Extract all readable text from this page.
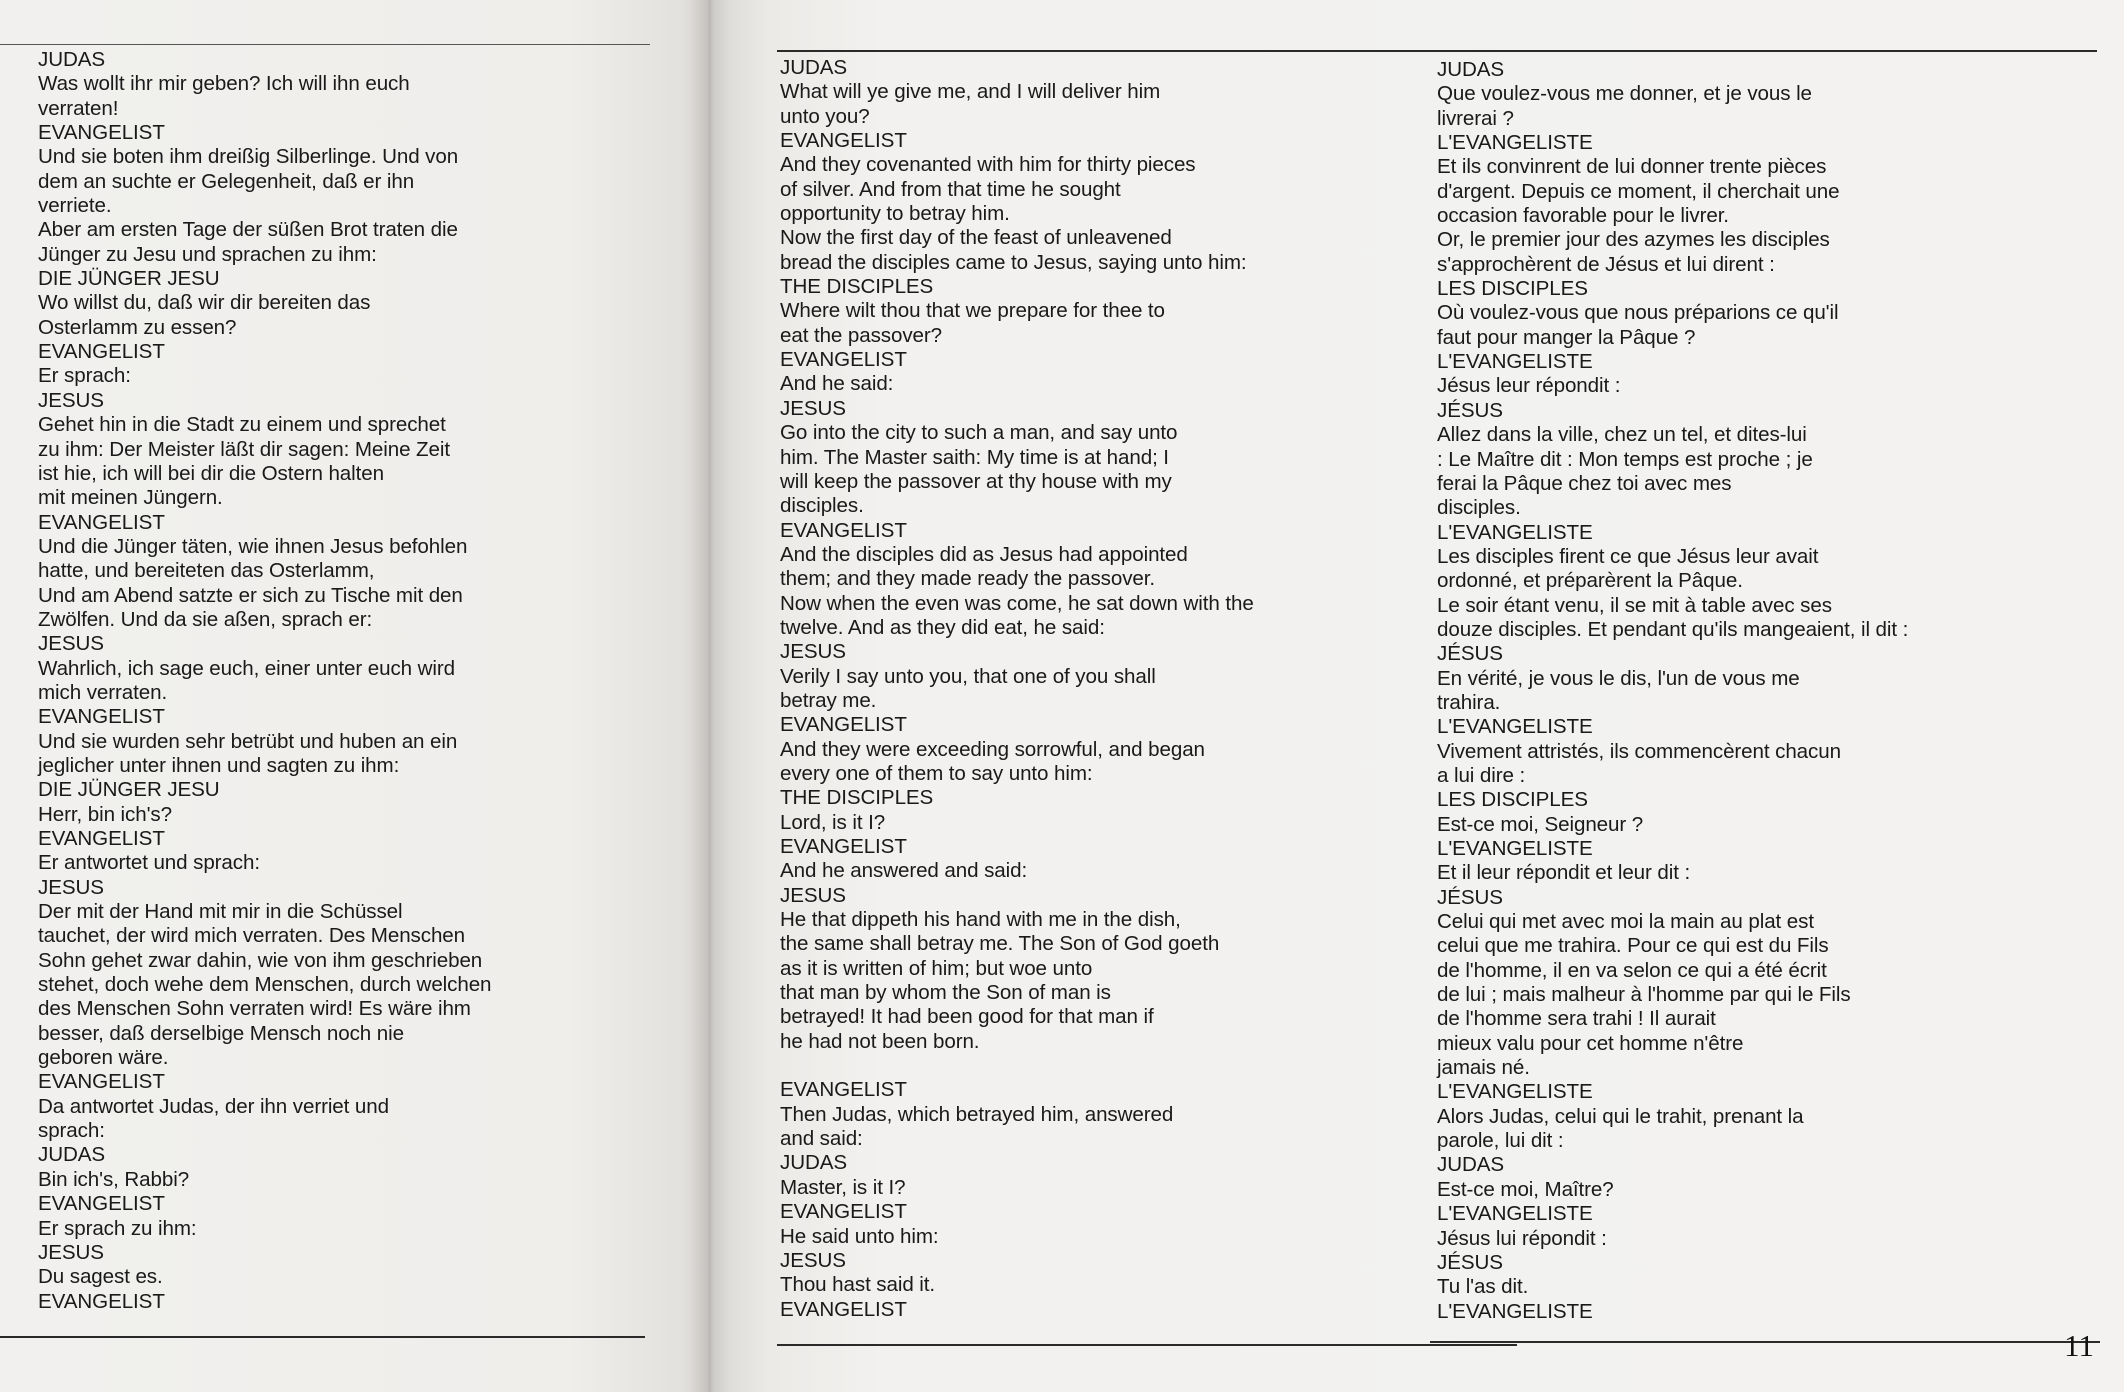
JUDAS
Was wollt ihr mir geben? Ich will ihn euch
verraten!
EVANGELIST
Und sie boten ihm dreißig Silberlinge. Und von
dem an suchte er Gelegenheit, daß er ihn
verriete.
Aber am ersten Tage der süßen Brot traten die
Jünger zu Jesu und sprachen zu ihm:
DIE JÜNGER JESU
Wo willst du, daß wir dir bereiten das
Osterlamm zu essen?
EVANGELIST
Er sprach:
JESUS
Gehet hin in die Stadt zu einem und sprechet
zu ihm: Der Meister läßt dir sagen: Meine Zeit
ist hie, ich will bei dir die Ostern halten
mit meinen Jüngern.
EVANGELIST
Und die Jünger täten, wie ihnen Jesus befohlen
hatte, und bereiteten das Osterlamm,
Und am Abend satzte er sich zu Tische mit den
Zwölfen. Und da sie aßen, sprach er:
JESUS
Wahrlich, ich sage euch, einer unter euch wird
mich verraten.
EVANGELIST
Und sie wurden sehr betrübt und huben an ein
jeglicher unter ihnen und sagten zu ihm:
DIE JÜNGER JESU
Herr, bin ich's?
EVANGELIST
Er antwortet und sprach:
JESUS
Der mit der Hand mit mir in die Schüssel
tauchet, der wird mich verraten. Des Menschen
Sohn gehet zwar dahin, wie von ihm geschrieben
stehet, doch wehe dem Menschen, durch welchen
des Menschen Sohn verraten wird! Es wäre ihm
besser, daß derselbige Mensch noch nie
geboren wäre.
EVANGELIST
Da antwortet Judas, der ihn verriet und
sprach:
JUDAS
Bin ich's, Rabbi?
EVANGELIST
Er sprach zu ihm:
JESUS
Du sagest es.
EVANGELIST
11
JUDAS
What will ye give me, and I will deliver him
unto you?
EVANGELIST
And they covenanted with him for thirty pieces
of silver. And from that time he sought
opportunity to betray him.
Now the first day of the feast of unleavened
bread the disciples came to Jesus, saying unto him:
THE DISCIPLES
Where wilt thou that we prepare for thee to
eat the passover?
EVANGELIST
And he said:
JESUS
Go into the city to such a man, and say unto
him. The Master saith: My time is at hand; I
will keep the passover at thy house with my
disciples.
EVANGELIST
And the disciples did as Jesus had appointed
them; and they made ready the passover.
Now when the even was come, he sat down with the
twelve. And as they did eat, he said:
JESUS
Verily I say unto you, that one of you shall
betray me.
EVANGELIST
And they were exceeding sorrowful, and began
every one of them to say unto him:
THE DISCIPLES
Lord, is it I?
EVANGELIST
And he answered and said:
JESUS
He that dippeth his hand with me in the dish,
the same shall betray me. The Son of God goeth
as it is written of him; but woe unto
that man by whom the Son of man is
betrayed! It had been good for that man if
he had not been born.
EVANGELIST
Then Judas, which betrayed him, answered
and said:
JUDAS
Master, is it I?
EVANGELIST
He said unto him:
JESUS
Thou hast said it.
EVANGELIST
JUDAS
Que voulez-vous me donner, et je vous le
livrerai ?
L'EVANGELISTE
Et ils convinrent de lui donner trente pièces
d'argent. Depuis ce moment, il cherchait une
occasion favorable pour le livrer.
Or, le premier jour des azymes les disciples
s'approchèrent de Jésus et lui dirent :
LES DISCIPLES
Où voulez-vous que nous préparions ce qu'il
faut pour manger la Pâque ?
L'EVANGELISTE
Jésus leur répondit :
JÉSUS
Allez dans la ville, chez un tel, et dites-lui
: Le Maître dit : Mon temps est proche ; je
ferai la Pâque chez toi avec mes
disciples.
L'EVANGELISTE
Les disciples firent ce que Jésus leur avait
ordonné, et préparèrent la Pâque.
Le soir étant venu, il se mit à table avec ses
douze disciples. Et pendant qu'ils mangeaient, il dit :
JÉSUS
En vérité, je vous le dis, l'un de vous me
trahira.
L'EVANGELISTE
Vivement attristés, ils commencèrent chacun
a lui dire :
LES DISCIPLES
Est-ce moi, Seigneur ?
L'EVANGELISTE
Et il leur répondit et leur dit :
JÉSUS
Celui qui met avec moi la main au plat est
celui que me trahira. Pour ce qui est du Fils
de l'homme, il en va selon ce qui a été écrit
de lui ; mais malheur à l'homme par qui le Fils
de l'homme sera trahi ! Il aurait
mieux valu pour cet homme n'être
jamais né.
L'EVANGELISTE
Alors Judas, celui qui le trahit, prenant la
parole, lui dit :
JUDAS
Est-ce moi, Maître?
L'EVANGELISTE
Jésus lui répondit :
JÉSUS
Tu l'as dit.
L'EVANGELISTE
